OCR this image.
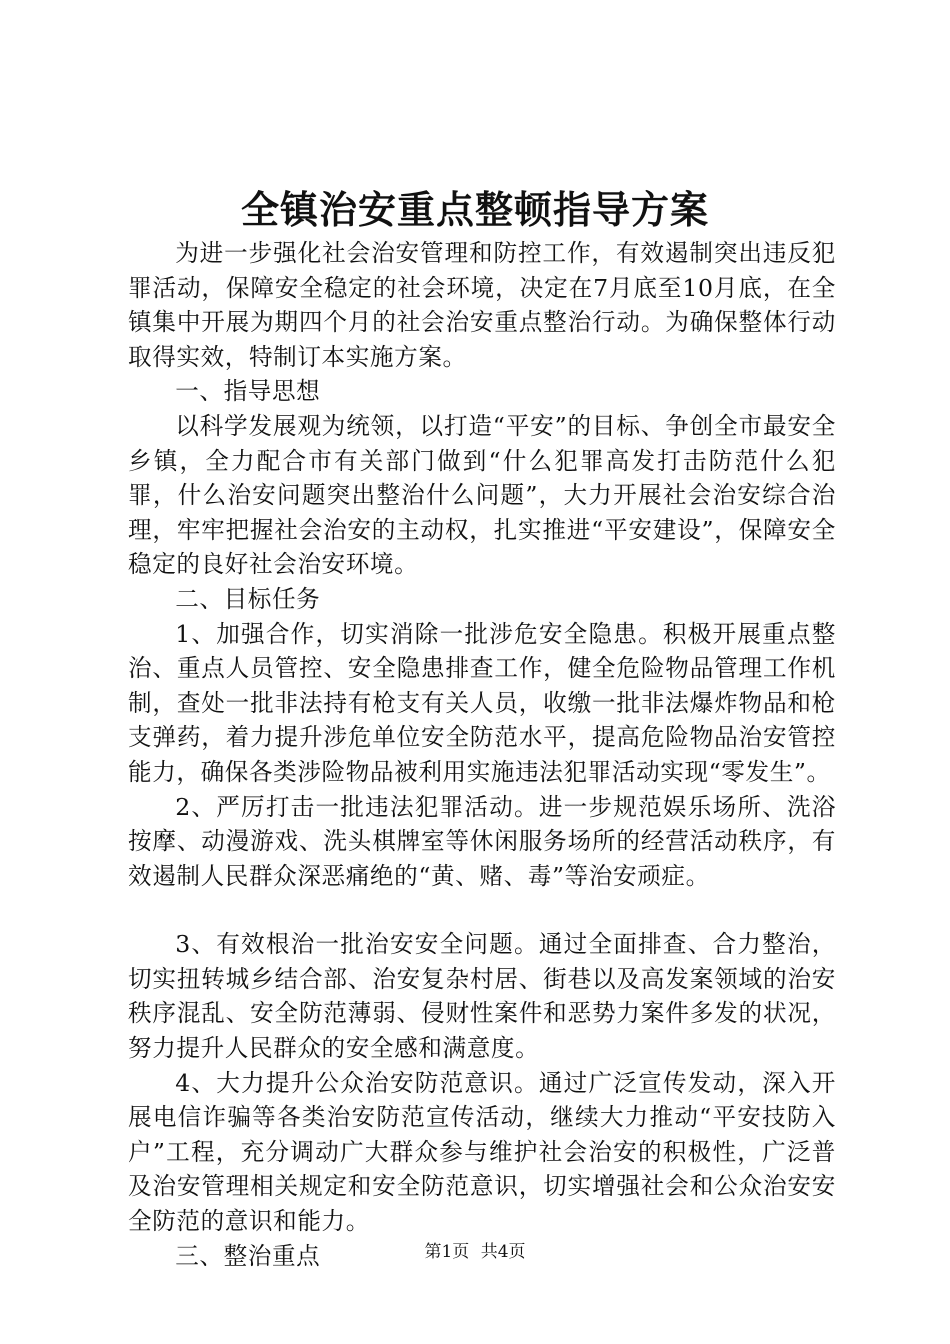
全镇治安重点整顿指导方案

为进一步强化社会治安管理和防控工作，有效遏制突出违反犯罪活动，保障安全稳定的社会环境，决定在7月底至10月底，在全镇集中开展为期四个月的社会治安重点整治行动。为确保整体行动取得实效，特制订本实施方案。

一、指导思想

以科学发展观为统领，以打造“平安”的目标、争创全市最安全乡镇，全力配合市有关部门做到“什么犯罪高发打击防范什么犯罪，什么治安问题突出整治什么问题”，大力开展社会治安综合治理，牢牢把握社会治安的主动权，扎实推进“平安建设”，保障安全稳定的良好社会治安环境。

二、目标任务

1、加强合作，切实消除一批涉危安全隐患。积极开展重点整治、重点人员管控、安全隐患排查工作，健全危险物品管理工作机制，查处一批非法持有枪支有关人员，收缴一批非法爆炸物品和枪支弹药，着力提升涉危单位安全防范水平，提高危险物品治安管控能力，确保各类涉险物品被利用实施违法犯罪活动实现“零发生”。

2、严厉打击一批违法犯罪活动。进一步规范娱乐场所、洗浴按摩、动漫游戏、洗头棋牌室等休闲服务场所的经营活动秩序，有效遏制人民群众深恶痛绝的“黄、赌、毒”等治安顽症。

3、有效根治一批治安安全问题。通过全面排查、合力整治，切实扭转城乡结合部、治安复杂村居、街巷以及高发案领域的治安秩序混乱、安全防范薄弱、侵财性案件和恶势力案件多发的状况，努力提升人民群众的安全感和满意度。

4、大力提升公众治安防范意识。通过广泛宣传发动，深入开展电信诈骗等各类治安防范宣传活动，继续大力推动“平安技防入户”工程，充分调动广大群众参与维护社会治安的积极性，广泛普及治安管理相关规定和安全防范意识，切实增强社会和公众治安安全防范的意识和能力。

三、整治重点	第1页 共4页
